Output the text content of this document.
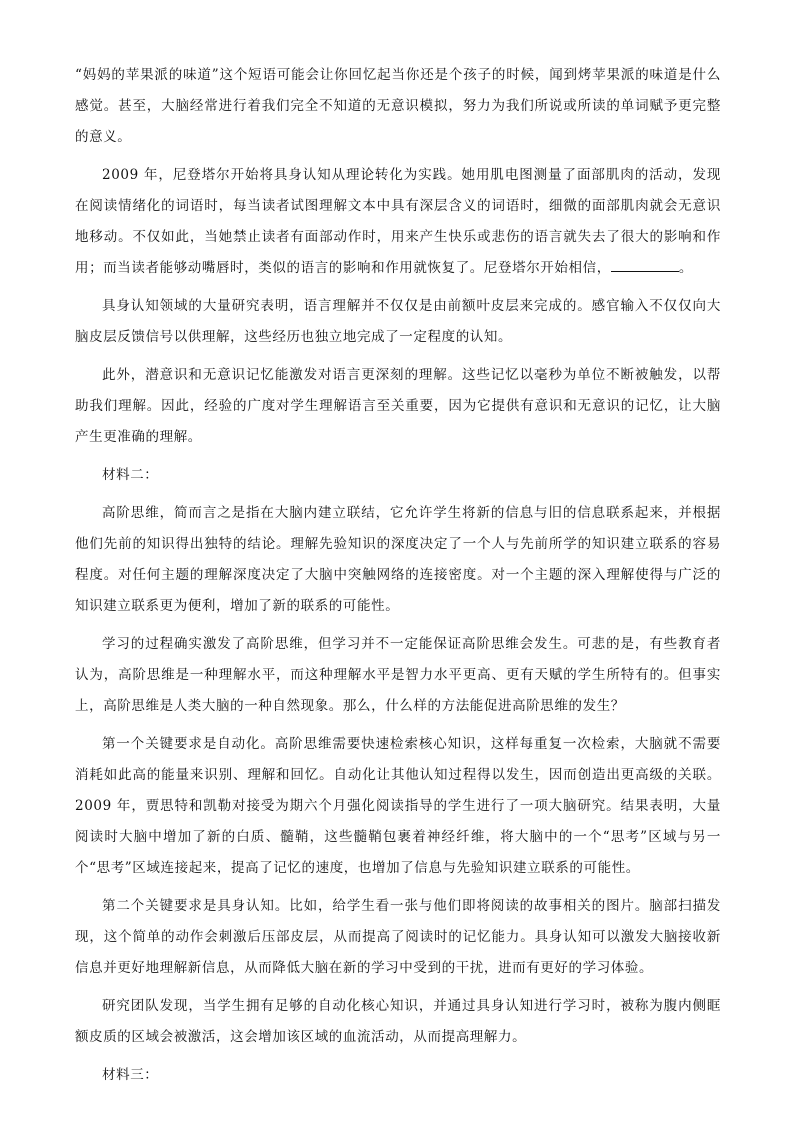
“妈妈的苹果派的味道”这个短语可能会让你回忆起当你还是个孩子的时候，闻到烤苹果派的味道是什么感觉。甚至，大脑经常进行着我们完全不知道的无意识模拟，努力为我们所说或所读的单词赋予更完整的意义。

2009 年，尼登塔尔开始将具身认知从理论转化为实践。她用肌电图测量了面部肌肉的活动，发现在阅读情绪化的词语时，每当读者试图理解文本中具有深层含义的词语时，细微的面部肌肉就会无意识地移动。不仅如此，当她禁止读者有面部动作时，用来产生快乐或悲伤的语言就失去了很大的影响和作用；而当读者能够动嘴唇时，类似的语言的影响和作用就恢复了。尼登塔尔开始相信，	。

具身认知领域的大量研究表明，语言理解并不仅仅是由前额叶皮层来完成的。感官输入不仅仅向大脑皮层反馈信号以供理解，这些经历也独立地完成了一定程度的认知。

此外，潜意识和无意识记忆能激发对语言更深刻的理解。这些记忆以毫秒为单位不断被触发，以帮助我们理解。因此，经验的广度对学生理解语言至关重要，因为它提供有意识和无意识的记忆，让大脑产生更准确的理解。

材料二：

高阶思维，简而言之是指在大脑内建立联结，它允许学生将新的信息与旧的信息联系起来，并根据他们先前的知识得出独特的结论。理解先验知识的深度决定了一个人与先前所学的知识建立联系的容易程度。对任何主题的理解深度决定了大脑中突触网络的连接密度。对一个主题的深入理解使得与广泛的知识建立联系更为便利，增加了新的联系的可能性。

学习的过程确实激发了高阶思维，但学习并不一定能保证高阶思维会发生。可悲的是，有些教育者认为，高阶思维是一种理解水平，而这种理解水平是智力水平更高、更有天赋的学生所特有的。但事实上，高阶思维是人类大脑的一种自然现象。那么，什么样的方法能促进高阶思维的发生？

第一个关键要求是自动化。高阶思维需要快速检索核心知识，这样每重复一次检索，大脑就不需要消耗如此高的能量来识别、理解和回忆。自动化让其他认知过程得以发生，因而创造出更高级的关联。2009 年，贾思特和凯勒对接受为期六个月强化阅读指导的学生进行了一项大脑研究。结果表明，大量阅读时大脑中增加了新的白质、髓鞘，这些髓鞘包裹着神经纤维，将大脑中的一个“思考”区域与另一个“思考”区域连接起来，提高了记忆的速度，也增加了信息与先验知识建立联系的可能性。

第二个关键要求是具身认知。比如，给学生看一张与他们即将阅读的故事相关的图片。脑部扫描发现，这个简单的动作会刺激后压部皮层，从而提高了阅读时的记忆能力。具身认知可以激发大脑接收新信息并更好地理解新信息，从而降低大脑在新的学习中受到的干扰，进而有更好的学习体验。

研究团队发现，当学生拥有足够的自动化核心知识，并通过具身认知进行学习时，被称为腹内侧眶额皮质的区域会被激活，这会增加该区域的血流活动，从而提高理解力。

材料三：
